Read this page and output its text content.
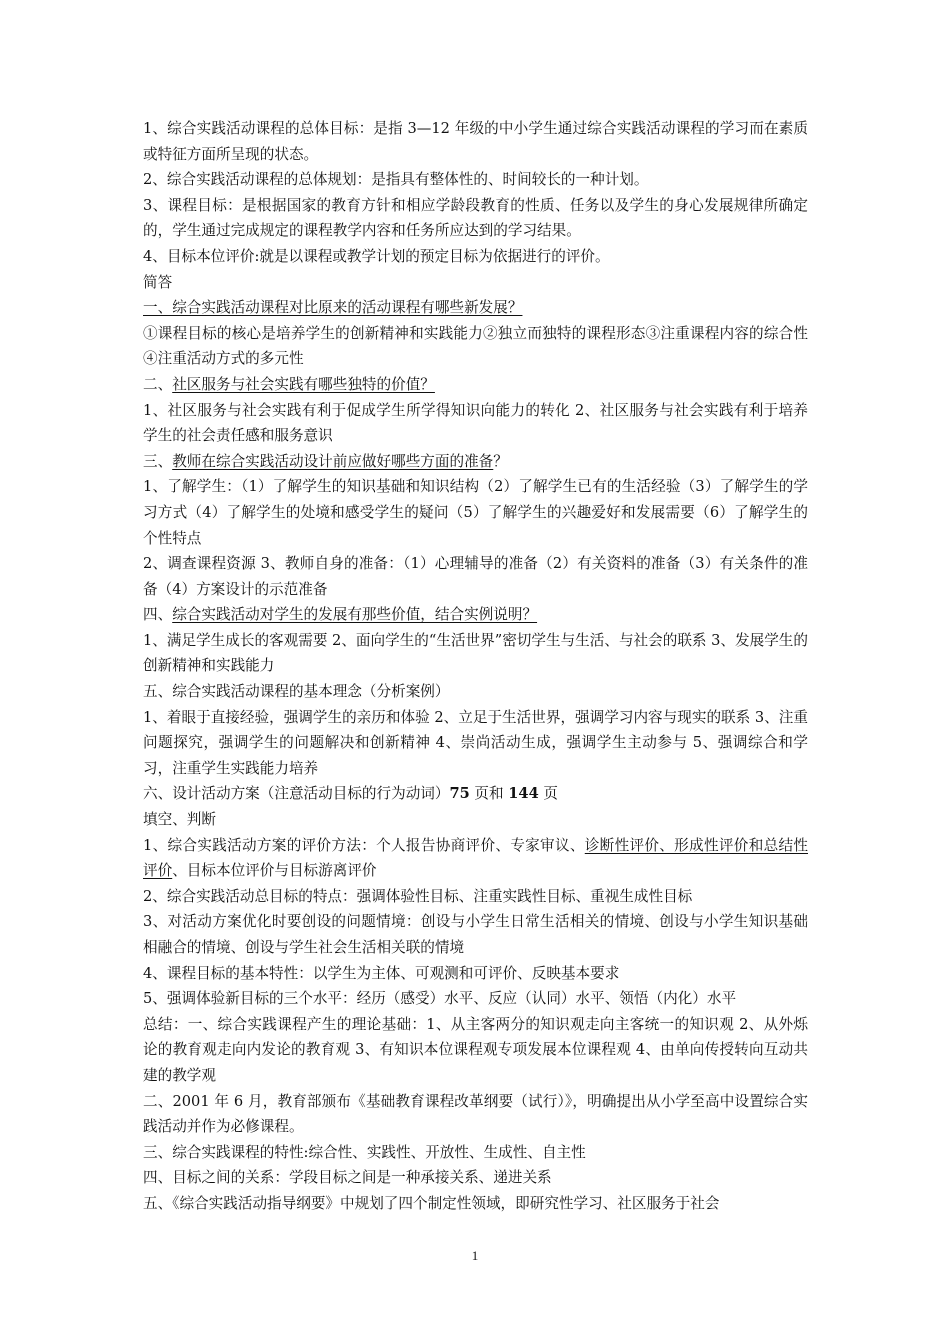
1、综合实践活动课程的总体目标：是指 3—12 年级的中小学生通过综合实践活动课程的学习而在素质或特征方面所呈现的状态。

2、综合实践活动课程的总体规划：是指具有整体性的、时间较长的一种计划。

3、课程目标：是根据国家的教育方针和相应学龄段教育的性质、任务以及学生的身心发展规律所确定的，学生通过完成规定的课程教学内容和任务所应达到的学习结果。

4、目标本位评价:就是以课程或教学计划的预定目标为依据进行的评价。

简答

一、综合实践活动课程对比原来的活动课程有哪些新发展？

①课程目标的核心是培养学生的创新精神和实践能力②独立而独特的课程形态③注重课程内容的综合性④注重活动方式的多元性

二、社区服务与社会实践有哪些独特的价值？

1、社区服务与社会实践有利于促成学生所学得知识向能力的转化 2、社区服务与社会实践有利于培养学生的社会责任感和服务意识

三、教师在综合实践活动设计前应做好哪些方面的准备？

1、了解学生：（1）了解学生的知识基础和知识结构（2）了解学生已有的生活经验（3）了解学生的学习方式（4）了解学生的处境和感受学生的疑问（5）了解学生的兴趣爱好和发展需要（6）了解学生的个性特点

2、调查课程资源 3、教师自身的准备：（1）心理辅导的准备（2）有关资料的准备（3）有关条件的准备（4）方案设计的示范准备

四、综合实践活动对学生的发展有那些价值，结合实例说明？

1、满足学生成长的客观需要 2、面向学生的“生活世界”密切学生与生活、与社会的联系 3、发展学生的创新精神和实践能力

五、综合实践活动课程的基本理念（分析案例）

1、着眼于直接经验，强调学生的亲历和体验 2、立足于生活世界，强调学习内容与现实的联系 3、注重问题探究，强调学生的问题解决和创新精神 4、崇尚活动生成，强调学生主动参与 5、强调综合和学习，注重学生实践能力培养

六、设计活动方案（注意活动目标的行为动词）75 页和 144 页

填空、判断

1、综合实践活动方案的评价方法：个人报告协商评价、专家审议、诊断性评价、形成性评价和总结性评价、目标本位评价与目标游离评价

2、综合实践活动总目标的特点：强调体验性目标、注重实践性目标、重视生成性目标

3、对活动方案优化时要创设的问题情境：创设与小学生日常生活相关的情境、创设与小学生知识基础相融合的情境、创设与学生社会生活相关联的情境

4、课程目标的基本特性：以学生为主体、可观测和可评价、反映基本要求

5、强调体验新目标的三个水平：经历（感受）水平、反应（认同）水平、领悟（内化）水平

总结：一、综合实践课程产生的理论基础：1、从主客两分的知识观走向主客统一的知识观 2、从外烁论的教育观走向内发论的教育观 3、有知识本位课程观专项发展本位课程观 4、由单向传授转向互动共建的教学观

二、2001 年 6 月，教育部颁布《基础教育课程改革纲要（试行）》，明确提出从小学至高中设置综合实践活动并作为必修课程。

三、综合实践课程的特性:综合性、实践性、开放性、生成性、自主性

四、目标之间的关系：学段目标之间是一种承接关系、递进关系

五、《综合实践活动指导纲要》中规划了四个制定性领域，即研究性学习、社区服务于社会

1
